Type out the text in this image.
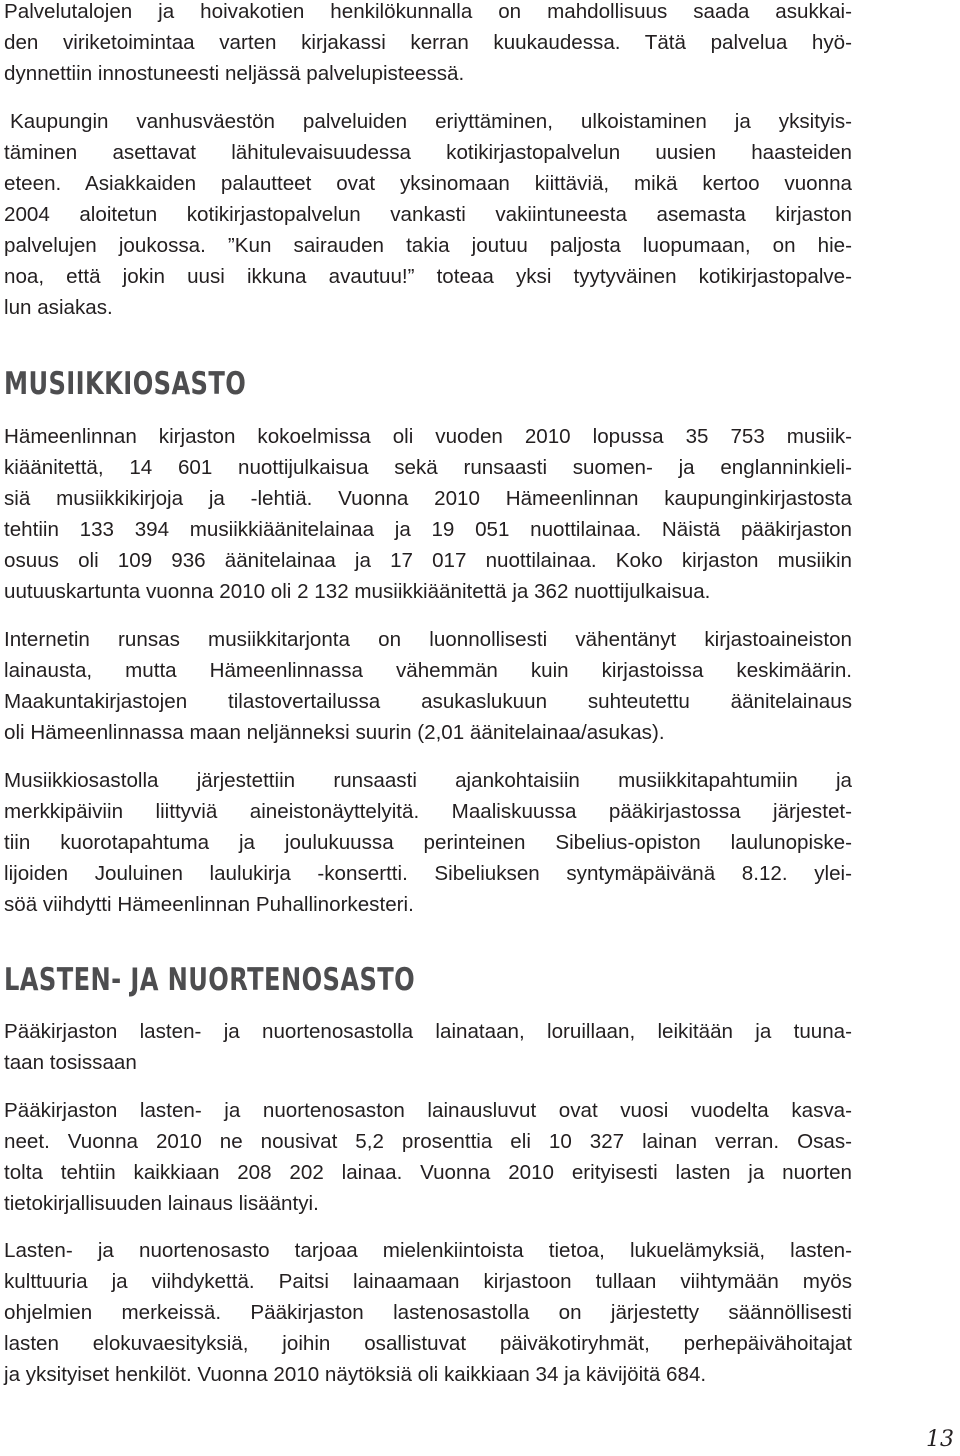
Palvelutalojen ja hoivakotien henkilökunnalla on mahdollisuus saada asukkai-
den viriketoimintaa varten kirjakassi kerran kuukaudessa. Tätä palvelua hyö-
dynnettiin innostuneesti neljässä palvelupisteessä.

Kaupungin vanhusväestön palveluiden eriyttäminen, ulkoistaminen ja yksityis-
täminen asettavat lähitulevaisuudessa kotikirjastopalvelun uusien haasteiden
eteen. Asiakkaiden palautteet ovat yksinomaan kiittäviä, mikä kertoo vuonna
2004 aloitetun kotikirjastopalvelun vankasti vakiintuneesta asemasta kirjaston
palvelujen joukossa. ”Kun sairauden takia joutuu paljosta luopumaan, on hie-
noa, että jokin uusi ikkuna avautuu!” toteaa yksi tyytyväinen kotikirjastopalve-
lun asiakas.

MUSIIKKIOSASTO

Hämeenlinnan kirjaston kokoelmissa oli vuoden 2010 lopussa 35 753 musiik-
kiäänitettä, 14 601 nuottijulkaisua sekä runsaasti suomen- ja englanninkieli-
siä musiikkikirjoja ja -lehtiä. Vuonna 2010 Hämeenlinnan kaupunginkirjastosta
tehtiin 133 394 musiikkiäänitelainaa ja 19 051 nuottilainaa. Näistä pääkirjaston
osuus oli 109 936 äänitelainaa ja 17 017 nuottilainaa. Koko kirjaston musiikin
uutuuskartunta vuonna 2010 oli 2 132 musiikkiäänitettä ja 362 nuottijulkaisua.

Internetin runsas musiikkitarjonta on luonnollisesti vähentänyt kirjastoaineiston
lainausta, mutta Hämeenlinnassa vähemmän kuin kirjastoissa keskimäärin.
Maakuntakirjastojen tilastovertailussa asukaslukuun suhteutettu äänitelainaus
oli Hämeenlinnassa maan neljänneksi suurin (2,01 äänitelainaa/asukas).

Musiikkiosastolla järjestettiin runsaasti ajankohtaisiin musiikkitapahtumiin ja
merkkipäiviin liittyviä aineistonäyttelyitä. Maaliskuussa pääkirjastossa järjestet-
tiin kuorotapahtuma ja joulukuussa perinteinen Sibelius-opiston laulunopiske-
lijoiden Jouluinen laulukirja -konsertti. Sibeliuksen syntymäpäivänä 8.12. ylei-
söä viihdytti Hämeenlinnan Puhallinorkesteri.

LASTEN- JA NUORTENOSASTO

Pääkirjaston lasten- ja nuortenosastolla lainataan, loruillaan, leikitään ja tuuna-
taan tosissaan

Pääkirjaston lasten- ja nuortenosaston lainausluvut ovat vuosi vuodelta kasva-
neet. Vuonna 2010 ne nousivat 5,2 prosenttia eli 10 327 lainan verran. Osas-
tolta tehtiin kaikkiaan 208 202 lainaa. Vuonna 2010 erityisesti lasten ja nuorten
tietokirjallisuuden lainaus lisääntyi.

Lasten- ja nuortenosasto tarjoaa mielenkiintoista tietoa, lukuelämyksiä, lasten-
kulttuuria ja viihdykettä. Paitsi lainaamaan kirjastoon tullaan viihtymään myös
ohjelmien merkeissä. Pääkirjaston lastenosastolla on järjestetty säännöllisesti
lasten elokuvaesityksiä, joihin osallistuvat päiväkotiryhmät, perhepäivähoitajat
ja yksityiset henkilöt. Vuonna 2010 näytöksiä oli kaikkiaan 34 ja kävijöitä 684.

13
